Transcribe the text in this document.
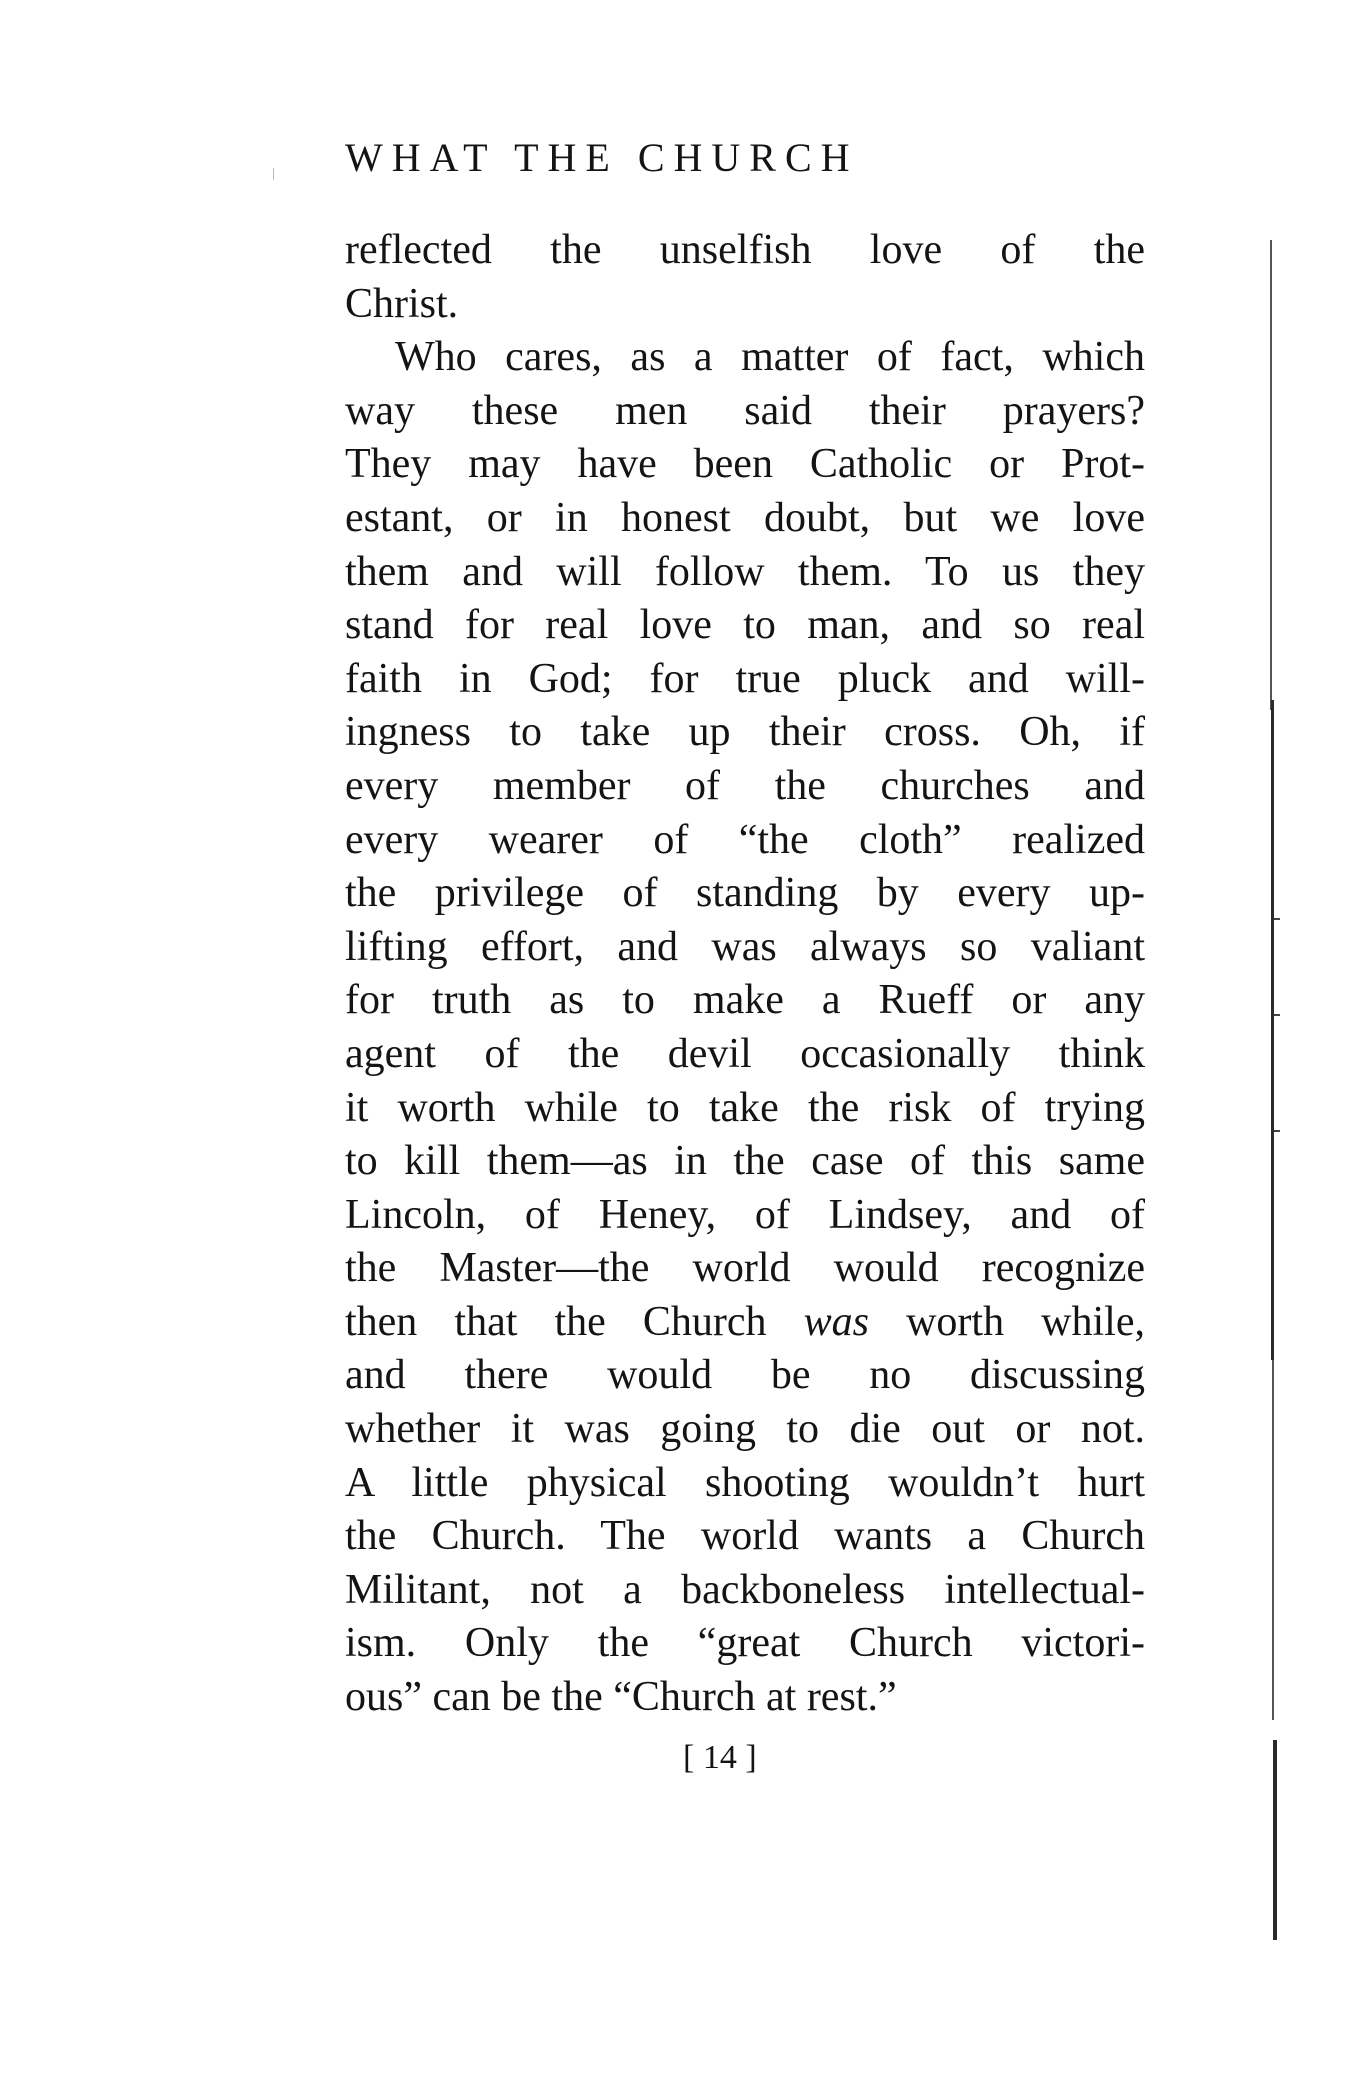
WHAT THE CHURCH
reflected the unselfish love of the
Christ.
Who cares, as a matter of fact, which
way these men said their prayers?
They may have been Catholic or Prot-
estant, or in honest doubt, but we love
them and will follow them. To us they
stand for real love to man, and so real
faith in God; for true pluck and will-
ingness to take up their cross. Oh, if
every member of the churches and
every wearer of “the cloth” realized
the privilege of standing by every up-
lifting effort, and was always so valiant
for truth as to make a Rueff or any
agent of the devil occasionally think
it worth while to take the risk of trying
to kill them—as in the case of this same
Lincoln, of Heney, of Lindsey, and of
the Master—the world would recognize
then that the Church was worth while,
and there would be no discussing
whether it was going to die out or not.
A little physical shooting wouldn’t hurt
the Church. The world wants a Church
Militant, not a backboneless intellectual-
ism. Only the “great Church victori-
ous” can be the “Church at rest.”
[ 14 ]
